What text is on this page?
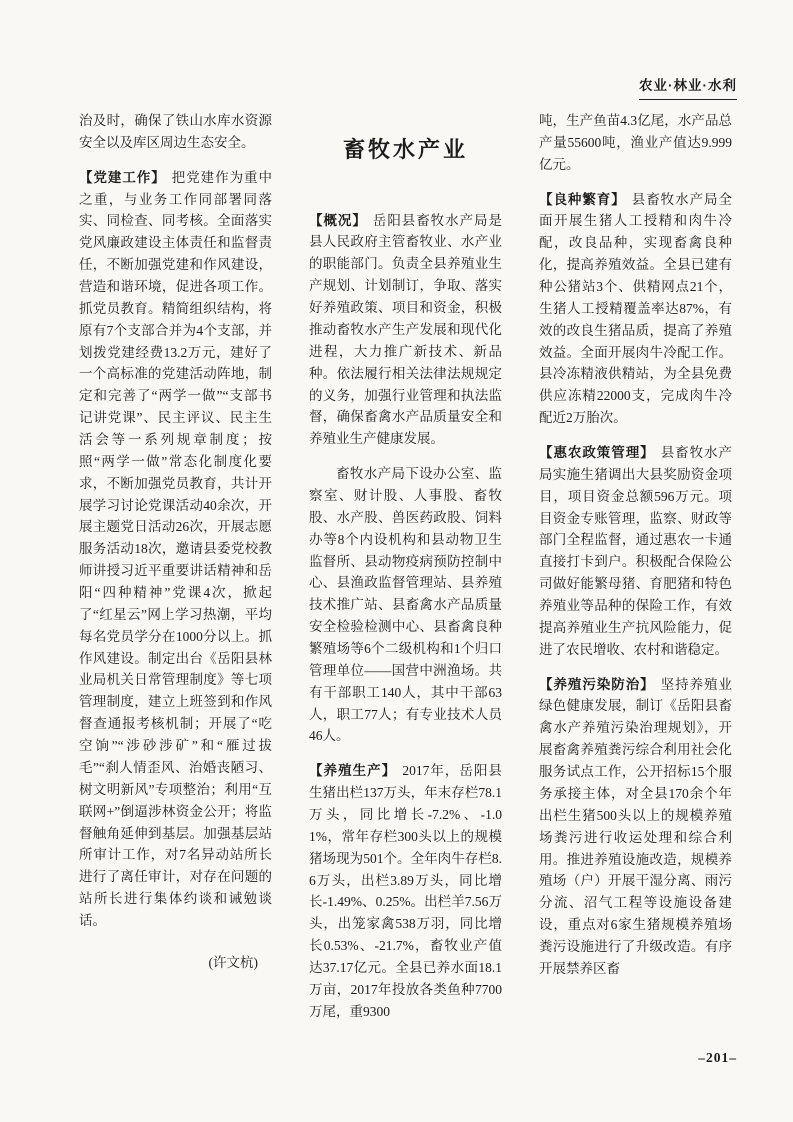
农业·林业·水利

治及时，确保了铁山水库水资源安全以及库区周边生态安全。

【党建工作】 把党建作为重中之重，与业务工作同部署同落实、同检查、同考核。全面落实党风廉政建设主体责任和监督责任，不断加强党建和作风建设，营造和谐环境，促进各项工作。抓党员教育。精简组织结构，将原有7个支部合并为4个支部，并划拨党建经费13.2万元，建好了一个高标准的党建活动阵地，制定和完善了“两学一做”“支部书记讲党课”、民主评议、民主生活会等一系列规章制度；按照“两学一做”常态化制度化要求，不断加强党员教育，共计开展学习讨论党课活动40余次，开展主题党日活动26次，开展志愿服务活动18次，邀请县委党校教师讲授习近平重要讲话精神和岳阳“四种精神”党课4次，掀起了“红星云”网上学习热潮，平均每名党员学分在1000分以上。抓作风建设。制定出台《岳阳县林业局机关日常管理制度》等七项管理制度，建立上班签到和作风督查通报考核机制；开展了“吃空饷”“涉砂涉矿”和“雁过拔毛”“刹人情歪风、治婚丧陋习、树文明新风”专项整治；利用“互联网+”倒逼涉林资金公开；将监督触角延伸到基层。加强基层站所审计工作，对7名异动站所长进行了离任审计，对存在问题的站所长进行集体约谈和诫勉谈话。

(许文杭)

畜牧水产业

【概况】 岳阳县畜牧水产局是县人民政府主管畜牧业、水产业的职能部门。负责全县养殖业生产规划、计划制订，争取、落实好养殖政策、项目和资金，积极推动畜牧水产生产发展和现代化进程，大力推广新技术、新品种。依法履行相关法律法规规定的义务，加强行业管理和执法监督，确保畜禽水产品质量安全和养殖业生产健康发展。

畜牧水产局下设办公室、监察室、财计股、人事股、畜牧股、水产股、兽医药政股、饲料办等8个内设机构和县动物卫生监督所、县动物疫病预防控制中心、县渔政监督管理站、县养殖技术推广站、县畜禽水产品质量安全检验检测中心、县畜禽良种繁殖场等6个二级机构和1个归口管理单位——国营中洲渔场。共有干部职工140人，其中干部63人，职工77人；有专业技术人员46人。

【养殖生产】 2017年，岳阳县生猪出栏137万头，年末存栏78.1万头，同比增长-7.2%、-1.01%，常年存栏300头以上的规模猪场现为501个。全年肉牛存栏8.6万头，出栏3.89万头，同比增长-1.49%、0.25%。出栏羊7.56万头，出笼家禽538万羽，同比增长0.53%、-21.7%，畜牧业产值达37.17亿元。全县已养水面18.1万亩，2017年投放各类鱼种7700万尾，重9300

吨，生产鱼苗4.3亿尾，水产品总产量55600吨，渔业产值达9.999亿元。

【良种繁育】 县畜牧水产局全面开展生猪人工授精和肉牛冷配，改良品种，实现畜禽良种化，提高养殖效益。全县已建有种公猪站3个、供精网点21个，生猪人工授精覆盖率达87%，有效的改良生猪品质，提高了养殖效益。全面开展肉牛冷配工作。县冷冻精液供精站，为全县免费供应冻精22000支，完成肉牛冷配近2万胎次。

【惠农政策管理】 县畜牧水产局实施生猪调出大县奖励资金项目，项目资金总额596万元。项目资金专账管理，监察、财政等部门全程监督，通过惠农一卡通直接打卡到户。积极配合保险公司做好能繁母猪、育肥猪和特色养殖业等品种的保险工作，有效提高养殖业生产抗风险能力，促进了农民增收、农村和谐稳定。

【养殖污染防治】 坚持养殖业绿色健康发展，制订《岳阳县畜禽水产养殖污染治理规划》，开展畜禽养殖粪污综合利用社会化服务试点工作，公开招标15个服务承接主体，对全县170余个年出栏生猪500头以上的规模养殖场粪污进行收运处理和综合利用。推进养殖设施改造，规模养殖场（户）开展干湿分离、雨污分流、沼气工程等设施设备建设，重点对6家生猪规模养殖场粪污设施进行了升级改造。有序开展禁养区畜

–201–
